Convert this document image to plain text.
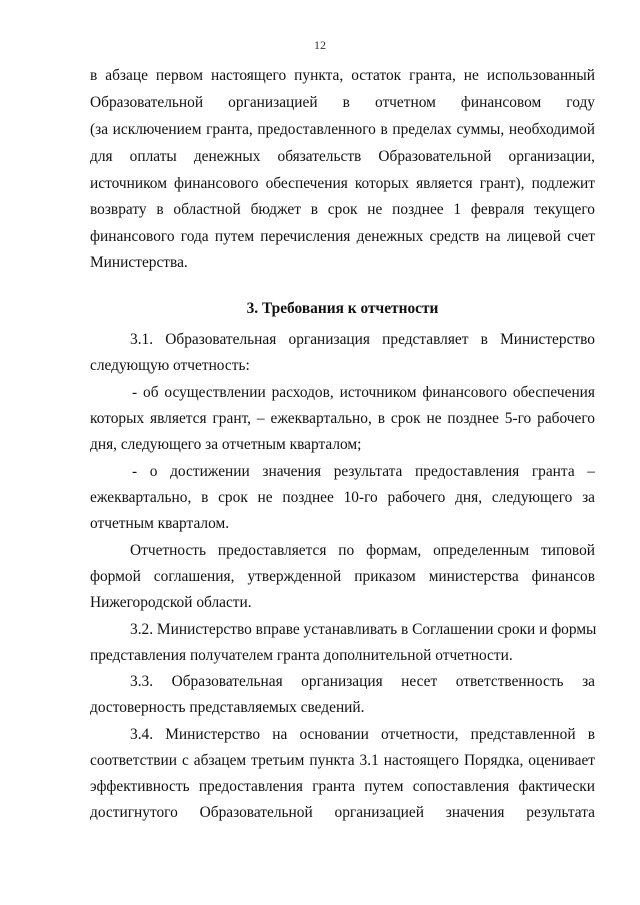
12
в абзаце первом настоящего пункта, остаток гранта, не использованный
Образовательной организацией в отчетном финансовом году
(за исключением гранта, предоставленного в пределах суммы, необходимой
для оплаты денежных обязательств Образовательной организации,
источником финансового обеспечения которых является грант), подлежит
возврату в областной бюджет в срок не позднее 1 февраля текущего
финансового года путем перечисления денежных средств на лицевой счет
Министерства.
3. Требования к отчетности
3.1. Образовательная организация представляет в Министерство
следующую отчетность:
- об осуществлении расходов, источником финансового обеспечения
которых является грант, – ежеквартально, в срок не позднее 5-го рабочего
дня, следующего за отчетным кварталом;
- о достижении значения результата предоставления гранта –
ежеквартально, в срок не позднее 10-го рабочего дня, следующего за
отчетным кварталом.
Отчетность предоставляется по формам, определенным типовой
формой соглашения, утвержденной приказом министерства финансов
Нижегородской области.
3.2. Министерство вправе устанавливать в Соглашении сроки и формы
представления получателем гранта дополнительной отчетности.
3.3. Образовательная организация несет ответственность за
достоверность представляемых сведений.
3.4. Министерство на основании отчетности, представленной в
соответствии с абзацем третьим пункта 3.1 настоящего Порядка, оценивает
эффективность предоставления гранта путем сопоставления фактически
достигнутого Образовательной организацией значения результата
